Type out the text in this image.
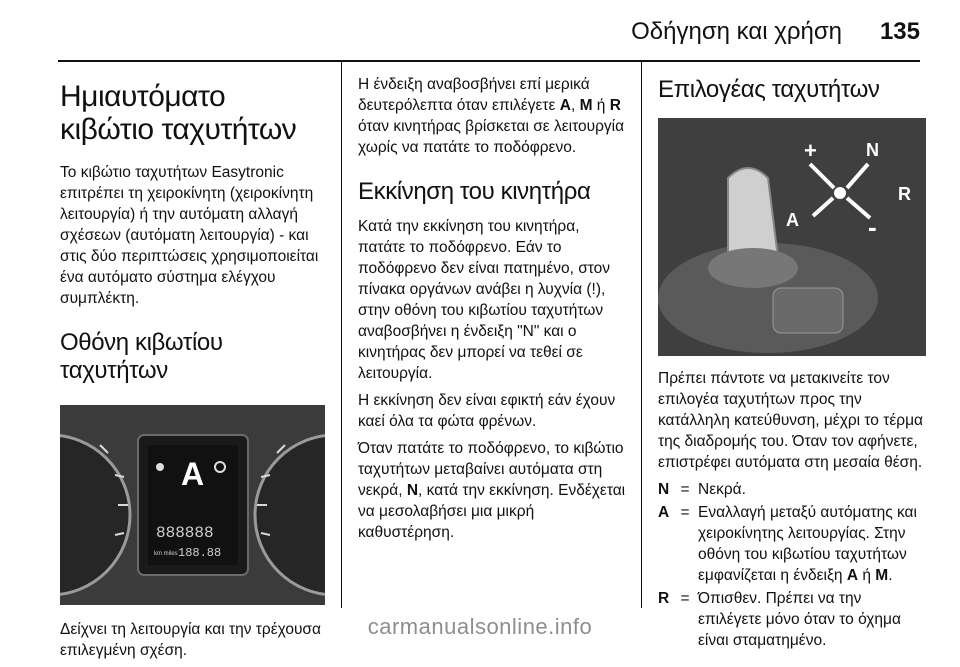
Οδήγηση και χρήση 135
Ημιαυτόματο κιβώτιο ταχυτήτων

Το κιβώτιο ταχυτήτων Easytronic επιτρέπει τη χειροκίνητη (χειροκίνητη λειτουργία) ή την αυτόματη αλλαγή σχέσεων (αυτόματη λειτουργία) - και στις δύο περιπτώσεις χρησιμοποιείται ένα αυτόματο σύστημα ελέγχου συμπλέκτη.

Οθόνη κιβωτίου ταχυτήτων
A
888888
km miles 188.88

Δείχνει τη λειτουργία και την τρέχουσα επιλεγμένη σχέση.

Η ένδειξη αναβοσβήνει επί μερικά δευτερόλεπτα όταν επιλέγετε A, M ή R όταν κινητήρας βρίσκεται σε λειτουργία χωρίς να πατάτε το ποδόφρενο.

Εκκίνηση του κινητήρα

Κατά την εκκίνηση του κινητήρα, πατάτε το ποδόφρενο. Εάν το ποδόφρενο δεν είναι πατημένο, στον πίνακα οργάνων ανάβει η λυχνία (!), στην οθόνη του κιβωτίου ταχυτήτων αναβοσβήνει η ένδειξη "N" και ο κινητήρας δεν μπορεί να τεθεί σε λειτουργία.

Η εκκίνηση δεν είναι εφικτή εάν έχουν καεί όλα τα φώτα φρένων.

Όταν πατάτε το ποδόφρενο, το κιβώτιο ταχυτήτων μεταβαίνει αυτόματα στη νεκρά, N, κατά την εκκίνηση. Ενδέχεται να μεσολαβήσει μια μικρή καθυστέρηση.

Επιλογέας ταχυτήτων
+	N
R
-
A

Πρέπει πάντοτε να μετακινείτε τον επιλογέα ταχυτήτων προς την κατάλληλη κατεύθυνση, μέχρι το τέρμα της διαδρομής του. Όταν τον αφήνετε, επιστρέφει αυτόματα στη μεσαία θέση.

N = Νεκρά.
A = Εναλλαγή μεταξύ αυτόματης και χειροκίνητης λειτουργίας. Στην οθόνη του κιβωτίου ταχυτήτων εμφανίζεται η ένδειξη A ή M.
R = Όπισθεν. Πρέπει να την επιλέγετε μόνο όταν το όχημα είναι σταματημένο.
carmanualsonline.info
